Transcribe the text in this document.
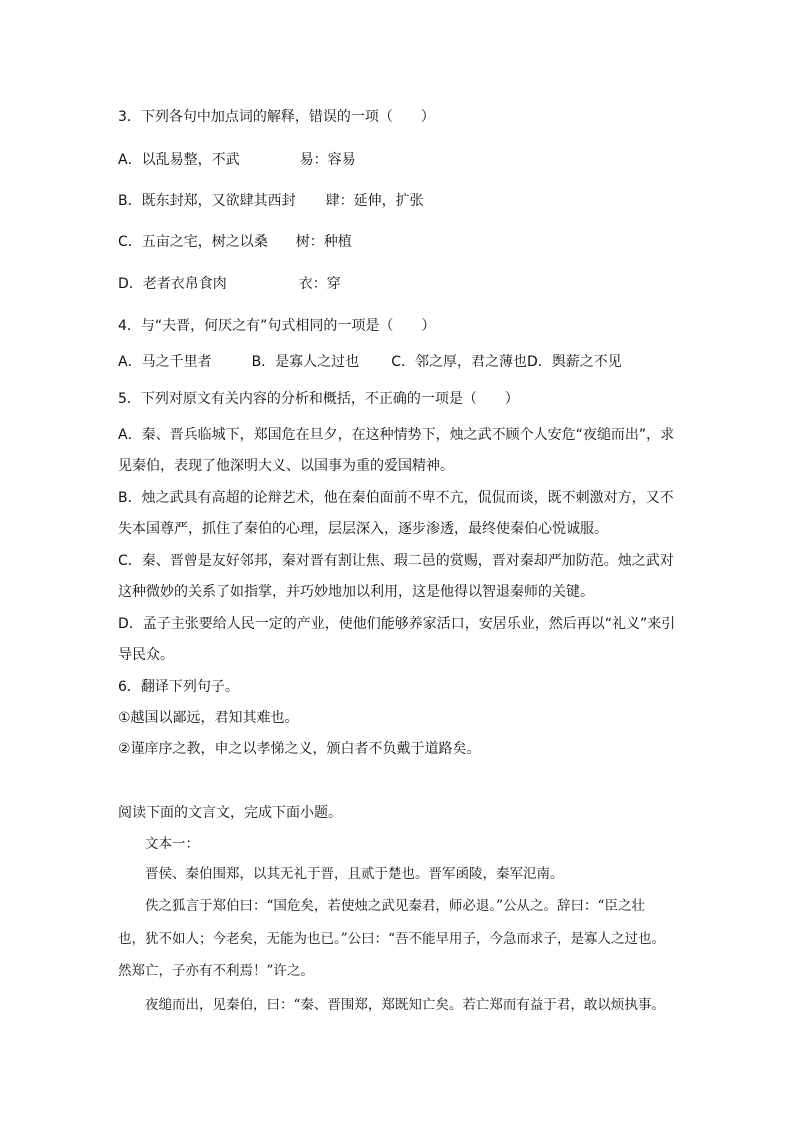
3．下列各句中加点词的解释，错误的一项（　　）
A．以乱易整，不武	易：容易
B．既东封郑，又欲肆其西封 肆：延伸，扩张
C．五亩之宅，树之以桑 树：种植
D．老者衣帛食肉	衣：穿
4．与“夫晋，何厌之有”句式相同的一项是（　　）
A．马之千里者	B．是寡人之过也 C．邻之厚，君之薄也D．舆薪之不见
5．下列对原文有关内容的分析和概括，不正确的一项是（　　）
A．秦、晋兵临城下，郑国危在旦夕，在这种情势下，烛之武不顾个人安危“夜缒而出”，求
见秦伯，表现了他深明大义、以国事为重的爱国精神。
B．烛之武具有高超的论辩艺术，他在秦伯面前不卑不亢，侃侃而谈，既不刺激对方，又不
失本国尊严，抓住了秦伯的心理，层层深入，逐步渗透，最终使秦伯心悦诚服。
C．秦、晋曾是友好邻邦，秦对晋有割让焦、瑕二邑的赏赐，晋对秦却严加防范。烛之武对
这种微妙的关系了如指掌，并巧妙地加以利用，这是他得以智退秦师的关键。
D．孟子主张要给人民一定的产业，使他们能够养家活口，安居乐业，然后再以“礼义”来引
导民众。
6．翻译下列句子。
①越国以鄙远，君知其难也。
②谨庠序之教，申之以孝悌之义，颁白者不负戴于道路矣。
阅读下面的文言文，完成下面小题。
文本一：
晋侯、秦伯围郑，以其无礼于晋，且贰于楚也。晋军函陵，秦军氾南。
佚之狐言于郑伯曰：“国危矣，若使烛之武见秦君，师必退。”公从之。辞曰：“臣之壮
也，犹不如人；今老矣，无能为也已。”公曰：“吾不能早用子，今急而求子，是寡人之过也。
然郑亡，子亦有不利焉！”许之。
夜缒而出，见秦伯，曰：“秦、晋围郑，郑既知亡矣。若亡郑而有益于君，敢以烦执事。
